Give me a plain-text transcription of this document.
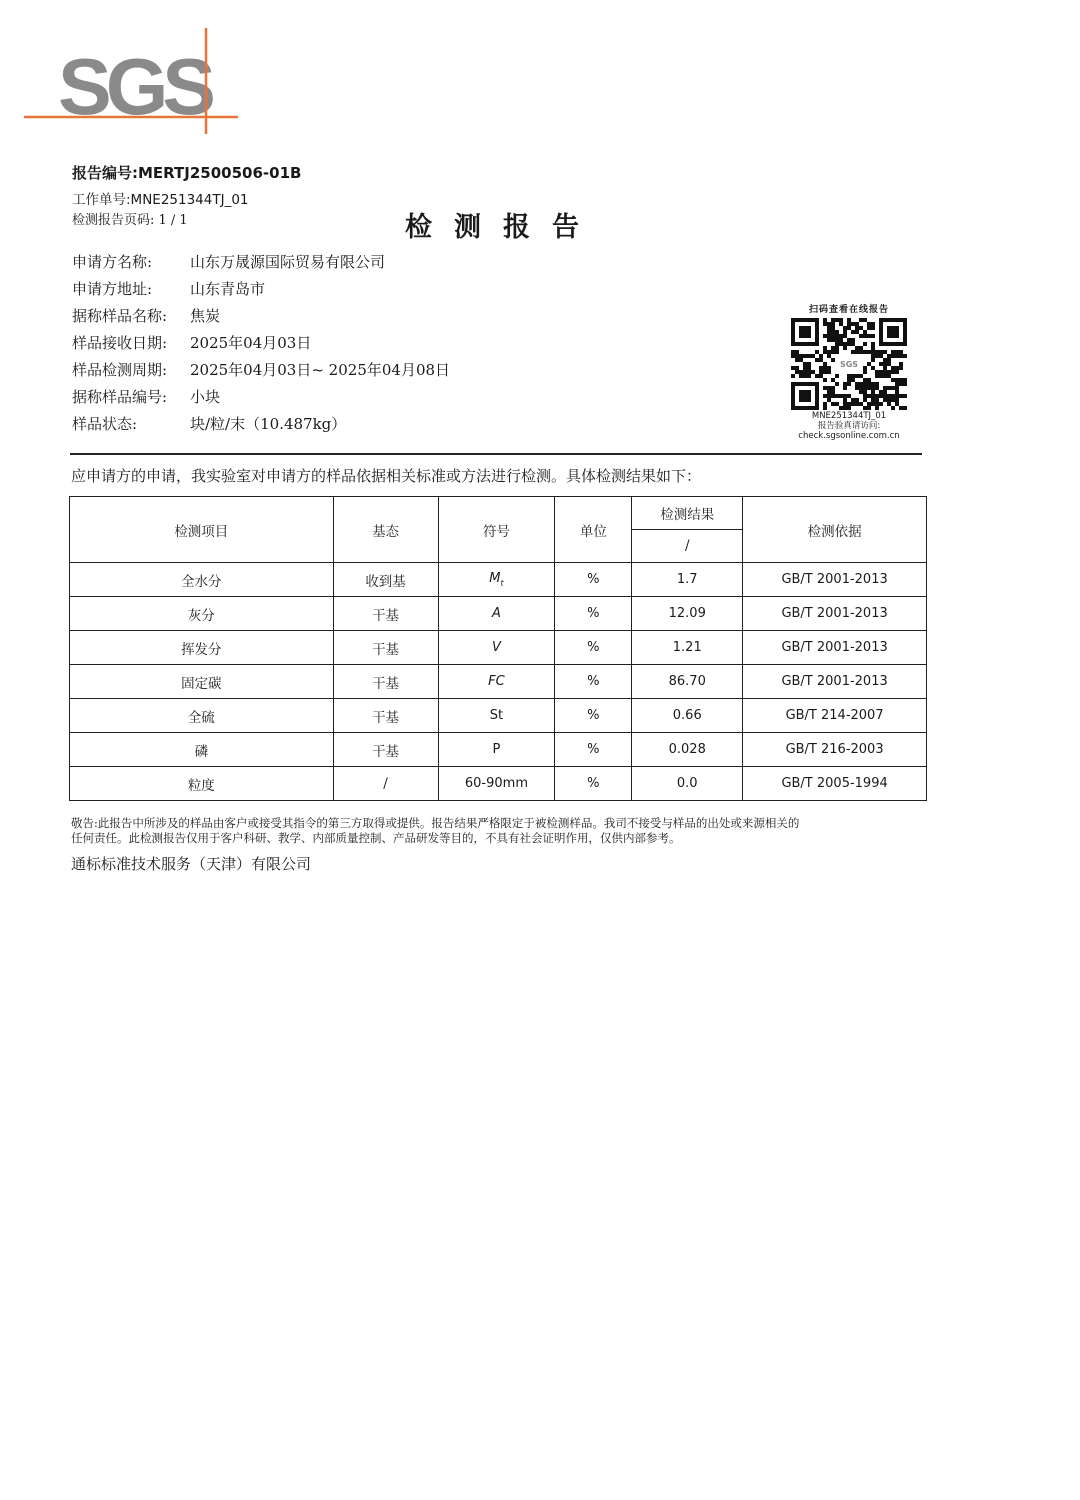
SGS
报告编号:MERTJ2500506-01B
工作单号:MNE251344TJ_01
检测报告页码: 1 / 1	检测报告
申请方名称:	山东万晟源国际贸易有限公司
申请方地址:	山东青岛市
据称样品名称: 焦炭
样品接收日期: 2025年04月03日
样品检测周期: 2025年04月03日~ 2025年04月08日
据称样品编号: 小块
样品状态:	块/粒/末（10.487kg）
扫码查看在线报告
SGS
MNE251344TJ_01
报告验真请访问:
check.sgsonline.com.cn
应申请方的申请，我实验室对申请方的样品依据相关标准或方法进行检测。具体检测结果如下：
检测项目	基态	符号	单位	检测结果	检测依据
				/	
全水分	收到基	$M_t$	%	1.7	GB/T 2001-2013
灰分	干基	A	%	12.09	GB/T 2001-2013
挥发分	干基	V	%	1.21	GB/T 2001-2013
固定碳	干基	FC	%	86.70	GB/T 2001-2013
全硫	干基	St	%	0.66	GB/T 214-2007
磷	干基	P	%	0.028	GB/T 216-2003
粒度	/	60-90mm	%	0.0	GB/T 2005-1994
敬告:此报告中所涉及的样品由客户或接受其指令的第三方取得或提供。报告结果严格限定于被检测样品。我司不接受与样品的出处或来源相关的
任何责任。此检测报告仅用于客户科研、教学、内部质量控制、产品研发等目的，不具有社会证明作用，仅供内部参考。
通标标准技术服务（天津）有限公司
